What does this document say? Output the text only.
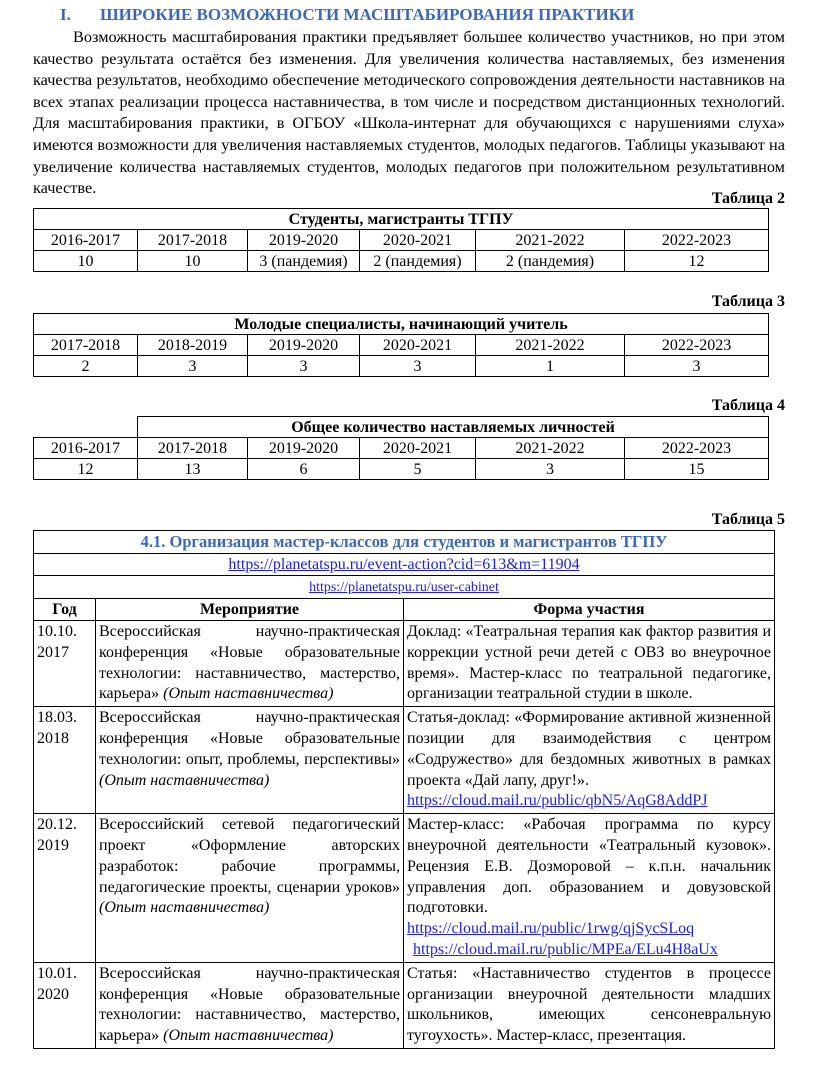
I. ШИРОКИЕ ВОЗМОЖНОСТИ МАСШТАБИРОВАНИЯ ПРАКТИКИ
Возможность масштабирования практики предъявляет большее количество участников, но при этом качество результата остаётся без изменения. Для увеличения количества наставляемых, без изменения качества результатов, необходимо обеспечение методического сопровождения деятельности наставников на всех этапах реализации процесса наставничества, в том числе и посредством дистанционных технологий. Для масштабирования практики, в ОГБОУ «Школа-интернат для обучающихся с нарушениями слуха» имеются возможности для увеличения наставляемых студентов, молодых педагогов. Таблицы указывают на увеличение количества наставляемых студентов, молодых педагогов при положительном результативном качестве.
Таблица 2
Студенты, магистранты ТГПУ					
2016-2017	2017-2018	2019-2020	2020-2021	2021-2022	2022-2023
10	10	3 (пандемия)	2 (пандемия)	2 (пандемия)	12
Таблица 3
Молодые специалисты, начинающий учитель					
2017-2018	2018-2019	2019-2020	2020-2021	2021-2022	2022-2023
2	3	3	3	1	3
Таблица 4
	Общее количество наставляемых личностей				
2016-2017	2017-2018	2019-2020	2020-2021	2021-2022	2022-2023
12	13	6	5	3	15
Таблица 5
4.1. Организация мастер-классов для студентов и магистрантов ТГПУ		
https://planetatspu.ru/event-action?cid=613&m=11904		
https://planetatspu.ru/user-cabinet		
Год	Мероприятие	Форма участия
10.10. 2017	Всероссийская научно-практическая конференция «Новые образовательные технологии: наставничество, мастерство, карьера» (Опыт наставничества)	Доклад: «Театральная терапия как фактор развития и коррекции устной речи детей с ОВЗ во внеурочное время». Мастер-класс по театральной педагогике, организации театральной студии в школе.
18.03. 2018	Всероссийская научно-практическая конференция «Новые образовательные технологии: опыт, проблемы, перспективы» (Опыт наставничества)	Статья-доклад: «Формирование активной жизненной позиции для взаимодействия с центром «Содружество» для бездомных животных в рамках проекта «Дай лапу, друг!».
https://cloud.mail.ru/public/qbN5/AqG8AddPJ

20.12. 2019	Всероссийский сетевой педагогический проект «Оформление авторских разработок: рабочие программы, педагогические проекты, сценарии уроков» (Опыт наставничества)	Мастер-класс: «Рабочая программа по курсу внеурочной деятельности «Театральный кузовок». Рецензия Е.В. Дозморовой – к.п.н. начальник управления доп. образованием и довузовской подготовки.
https://cloud.mail.ru/public/1rwg/qjSycSLoq
https://cloud.mail.ru/public/MPEa/ELu4H8aUx

10.01. 2020	Всероссийская научно-практическая конференция «Новые образовательные технологии: наставничество, мастерство, карьера» (Опыт наставничества)	Статья: «Наставничество студентов в процессе организации внеурочной деятельности младших школьников, имеющих сенсоневральную тугоухость». Мастер-класс, презентация.
